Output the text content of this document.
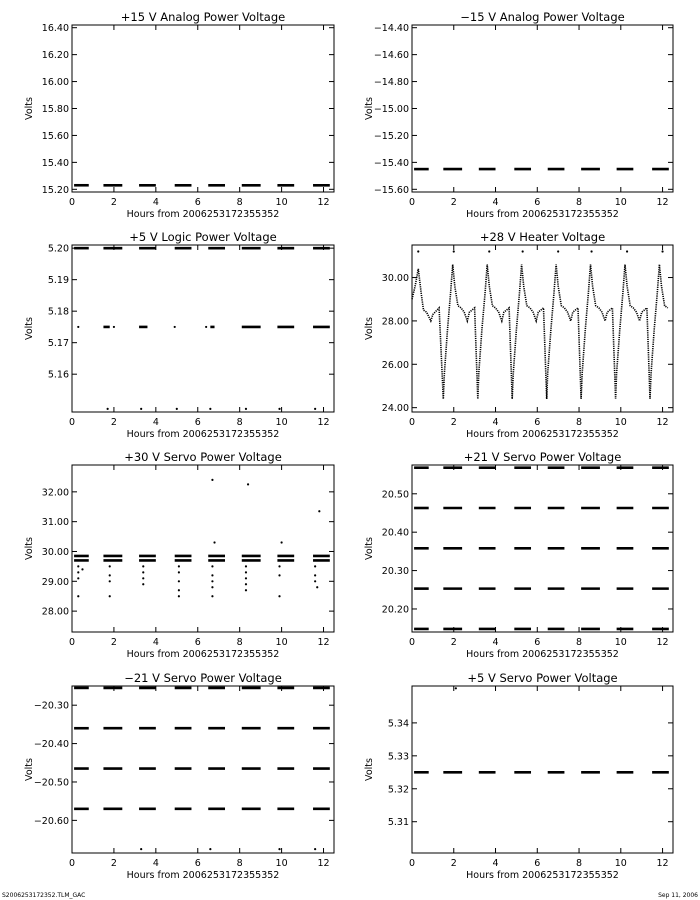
+15 V Analog Power Voltage
Hours from 2006253172355352
Volts
0	2	4	6	8	10	12
15.20
15.40
15.60
15.80
16.00
16.20
16.40
−15 V Analog Power Voltage
Hours from 2006253172355352
Volts
0	2	4	6	8	10	12
−15.60
−15.40
−15.20
−15.00
−14.80
−14.60
−14.40
+5 V Logic Power Voltage
Hours from 2006253172355352
Volts
0	2	4	6	8	10	12
5.16
5.17
5.18
5.19
5.20
+28 V Heater Voltage
Hours from 2006253172355352
Volts
0	2	4	6	8	10	12
24.00
26.00
28.00
30.00
+30 V Servo Power Voltage
Hours from 2006253172355352
Volts
0	2	4	6	8	10	12
28.00
29.00
30.00
31.00
32.00
+21 V Servo Power Voltage
Hours from 2006253172355352
Volts
0	2	4	6	8	10	12
20.20
20.30
20.40
20.50
−21 V Servo Power Voltage
Hours from 2006253172355352
Volts
0	2	4	6	8	10	12
−20.60
−20.50
−20.40
−20.30
+5 V Servo Power Voltage
Hours from 2006253172355352
Volts
0	2	4	6	8	10	12
5.31
5.32
5.33
5.34
S2006253172352.TLM_GAC	Sep 11, 2006
